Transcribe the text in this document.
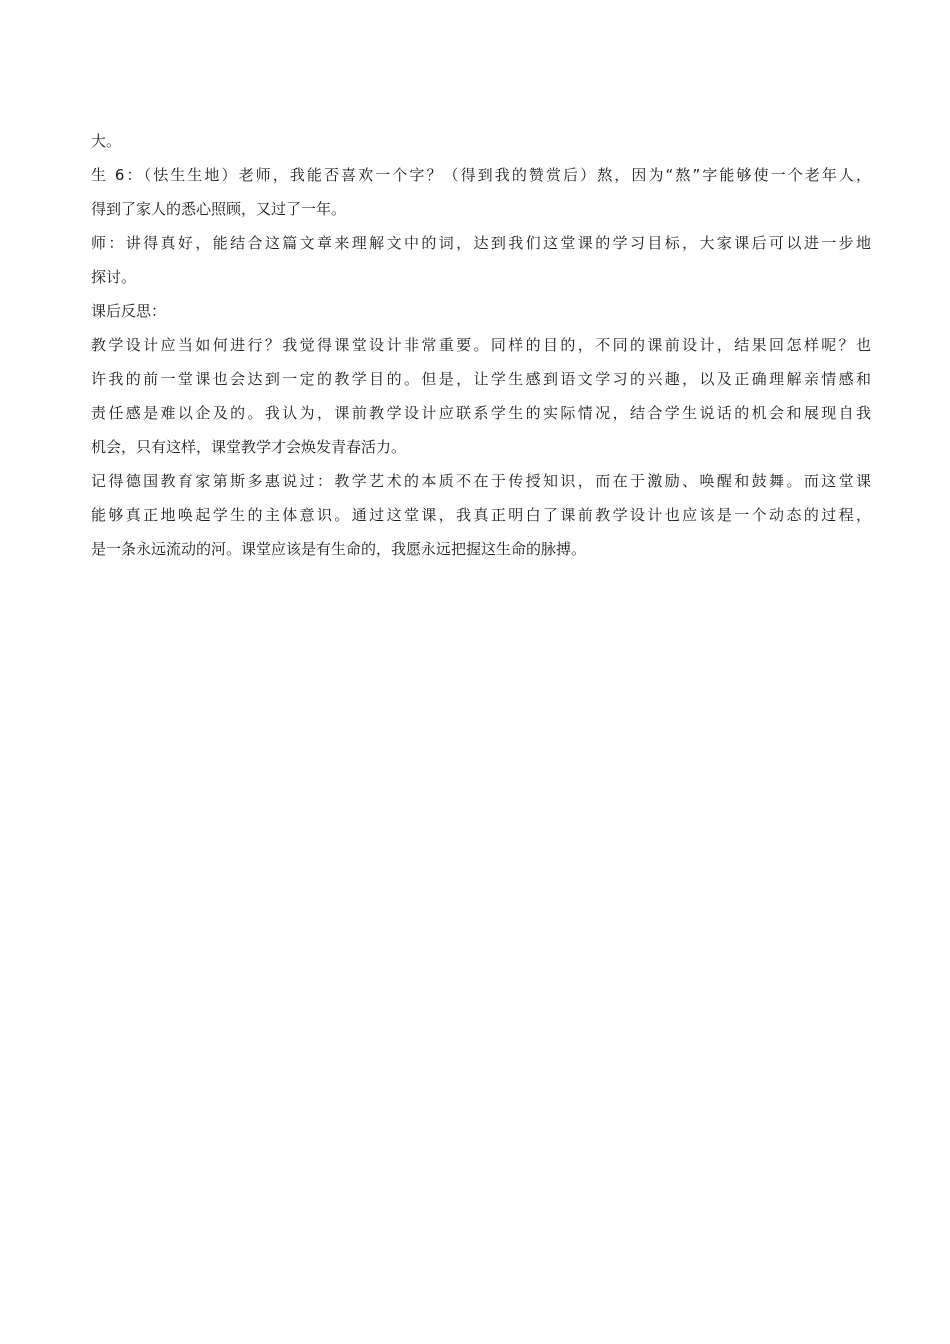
大。
生 6：（怯生生地）老师，我能否喜欢一个字？（得到我的赞赏后）熬，因为“熬”字能够使一个老年人，
得到了家人的悉心照顾，又过了一年。
师：讲得真好，能结合这篇文章来理解文中的词，达到我们这堂课的学习目标，大家课后可以进一步地
探讨。
课后反思：
教学设计应当如何进行？我觉得课堂设计非常重要。同样的目的，不同的课前设计，结果回怎样呢？也
许我的前一堂课也会达到一定的教学目的。但是，让学生感到语文学习的兴趣，以及正确理解亲情感和
责任感是难以企及的。我认为，课前教学设计应联系学生的实际情况，结合学生说话的机会和展现自我
机会，只有这样，课堂教学才会焕发青春活力。
记得德国教育家第斯多惠说过：教学艺术的本质不在于传授知识，而在于激励、唤醒和鼓舞。而这堂课
能够真正地唤起学生的主体意识。通过这堂课，我真正明白了课前教学设计也应该是一个动态的过程，
是一条永远流动的河。课堂应该是有生命的，我愿永远把握这生命的脉搏。
